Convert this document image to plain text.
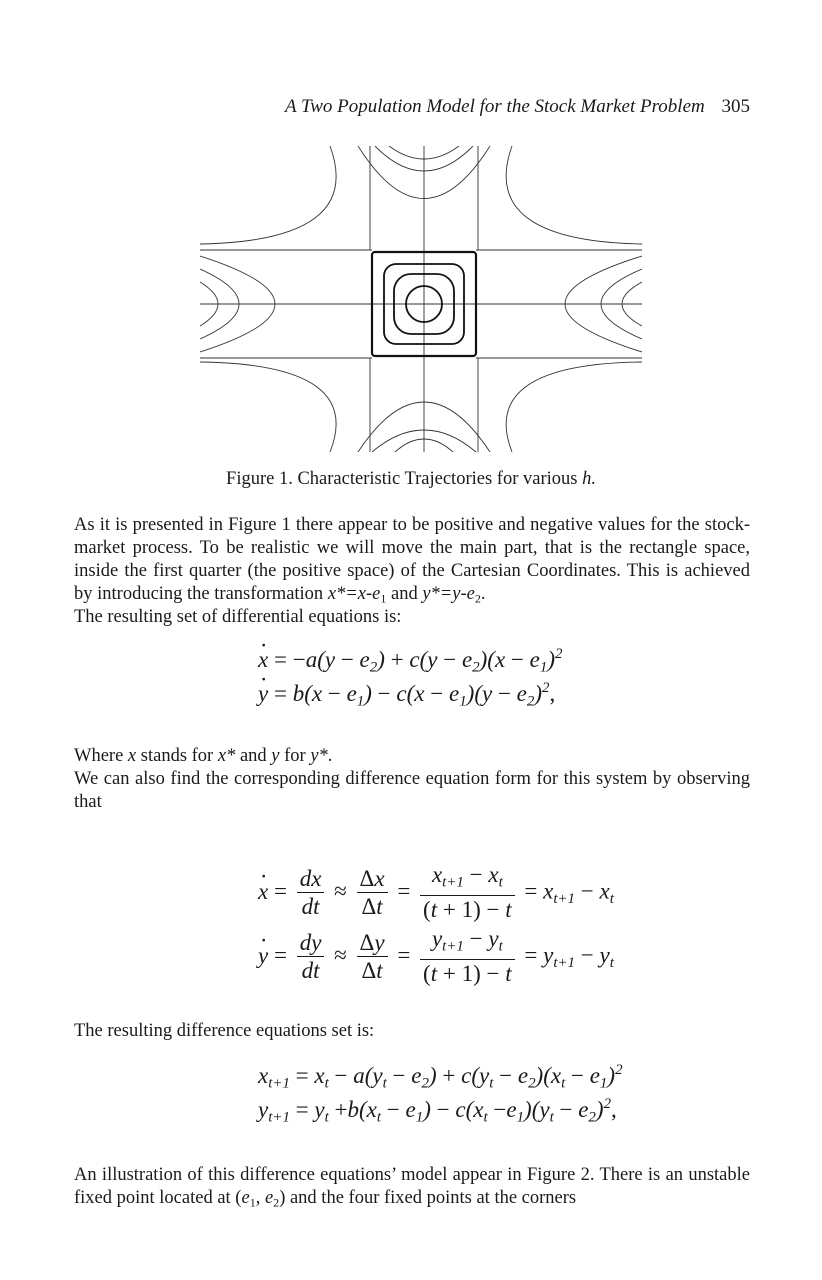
A Two Population Model for the Stock Market Problem 305
Figure 1. Characteristic Trajectories for various h.

As it is presented in Figure 1 there appear to be positive and negative values for the stock-market process. To be realistic we will move the main part, that is the rectangle space, inside the first quarter (the positive space) of the Cartesian Coordinates. This is achieved by introducing the transformation $x*=x-e_1$ and $y*=y-e_2$.

The resulting set of differential equations is:

· $x = -a(y - e_2) + c(y - e_2)(x - e_1)^2$
· $y = b(x - e_1) - c(x - e_1)(y - e_2)^2$,

Where x stands for x* and y for y*.

We can also find the corresponding difference equation form for this system by observing that

· $x = \frac{dx}{dt} \approx \frac{\Delta x}{\Delta t} = \frac{x_{t+1} - x_t}{(t + 1) - t} = x_{t+1} - x_t$
· $y = \frac{dy}{dt} \approx \frac{\Delta y}{\Delta t} = \frac{y_{t+1} - y_t}{(t + 1) - t} = y_{t+1} - y_t$

The resulting difference equations set is:

$x_{t+1} = x_t - a(y_t - e_2) + c(y_t - e_2)(x_t - e_1)^2$
$y_{t+1} = y_t +b(x_t - e_1) - c(x_t -e_1)(y_t - e_2)^2$,

An illustration of this difference equations’ model appear in Figure 2. There is an unstable fixed point located at ($e_1$, $e_2$) and the four fixed points at the corners
